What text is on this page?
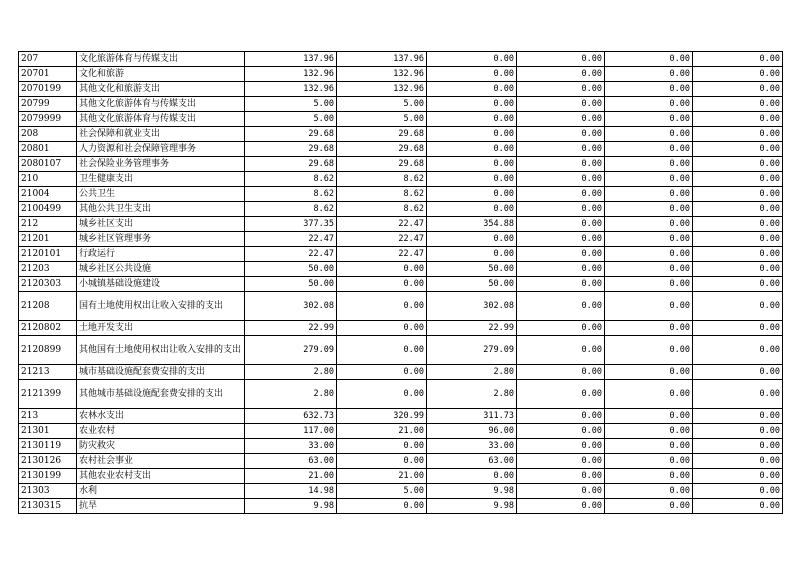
207	文化旅游体育与传媒支出	137.96	137.96	0.00	0.00	0.00	0.00
20701	文化和旅游	132.96	132.96	0.00	0.00	0.00	0.00
2070199	其他文化和旅游支出	132.96	132.96	0.00	0.00	0.00	0.00
20799	其他文化旅游体育与传媒支出	5.00	5.00	0.00	0.00	0.00	0.00
2079999	其他文化旅游体育与传媒支出	5.00	5.00	0.00	0.00	0.00	0.00
208	社会保障和就业支出	29.68	29.68	0.00	0.00	0.00	0.00
20801	人力资源和社会保障管理事务	29.68	29.68	0.00	0.00	0.00	0.00
2080107	社会保险业务管理事务	29.68	29.68	0.00	0.00	0.00	0.00
210	卫生健康支出	8.62	8.62	0.00	0.00	0.00	0.00
21004	公共卫生	8.62	8.62	0.00	0.00	0.00	0.00
2100499	其他公共卫生支出	8.62	8.62	0.00	0.00	0.00	0.00
212	城乡社区支出	377.35	22.47	354.88	0.00	0.00	0.00
21201	城乡社区管理事务	22.47	22.47	0.00	0.00	0.00	0.00
2120101	行政运行	22.47	22.47	0.00	0.00	0.00	0.00
21203	城乡社区公共设施	50.00	0.00	50.00	0.00	0.00	0.00
2120303	小城镇基础设施建设	50.00	0.00	50.00	0.00	0.00	0.00
21208	国有土地使用权出让收入安排的支出	302.08	0.00	302.08	0.00	0.00	0.00
2120802	土地开发支出	22.99	0.00	22.99	0.00	0.00	0.00
2120899	其他国有土地使用权出让收入安排的支出	279.09	0.00	279.09	0.00	0.00	0.00
21213	城市基础设施配套费安排的支出	2.80	0.00	2.80	0.00	0.00	0.00
2121399	其他城市基础设施配套费安排的支出	2.80	0.00	2.80	0.00	0.00	0.00
213	农林水支出	632.73	320.99	311.73	0.00	0.00	0.00
21301	农业农村	117.00	21.00	96.00	0.00	0.00	0.00
2130119	防灾救灾	33.00	0.00	33.00	0.00	0.00	0.00
2130126	农村社会事业	63.00	0.00	63.00	0.00	0.00	0.00
2130199	其他农业农村支出	21.00	21.00	0.00	0.00	0.00	0.00
21303	水利	14.98	5.00	9.98	0.00	0.00	0.00
2130315	抗旱	9.98	0.00	9.98	0.00	0.00	0.00
